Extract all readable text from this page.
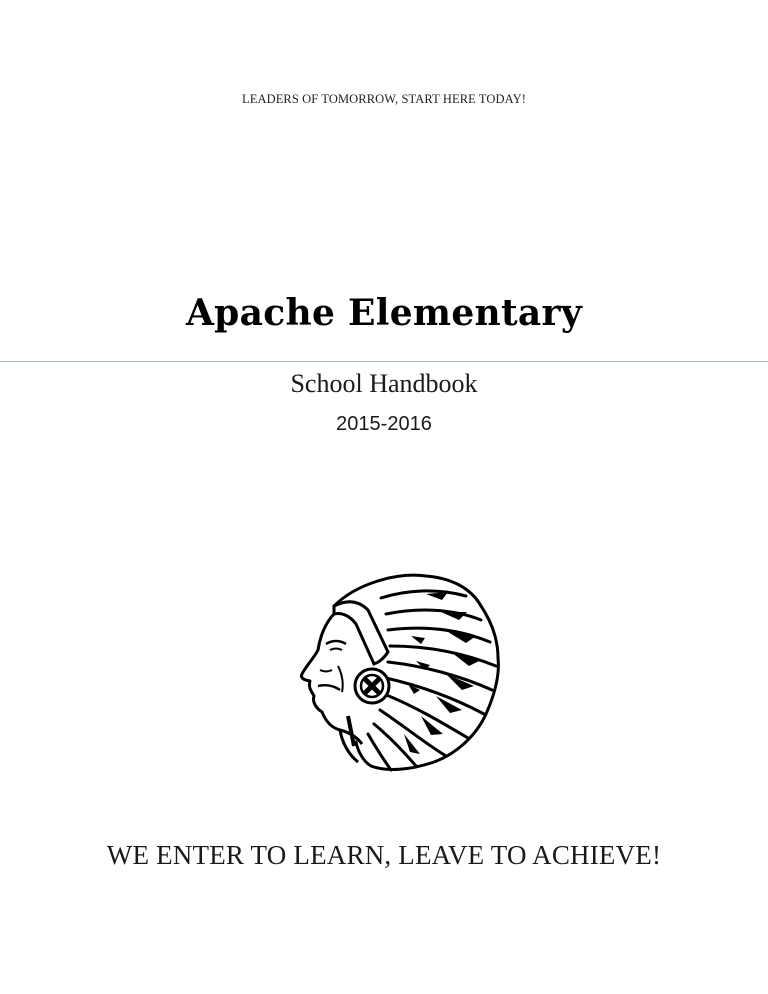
LEADERS OF TOMORROW, START HERE TODAY!
Apache Elementary
School Handbook
2015-2016
WE ENTER TO LEARN, LEAVE TO ACHIEVE!
